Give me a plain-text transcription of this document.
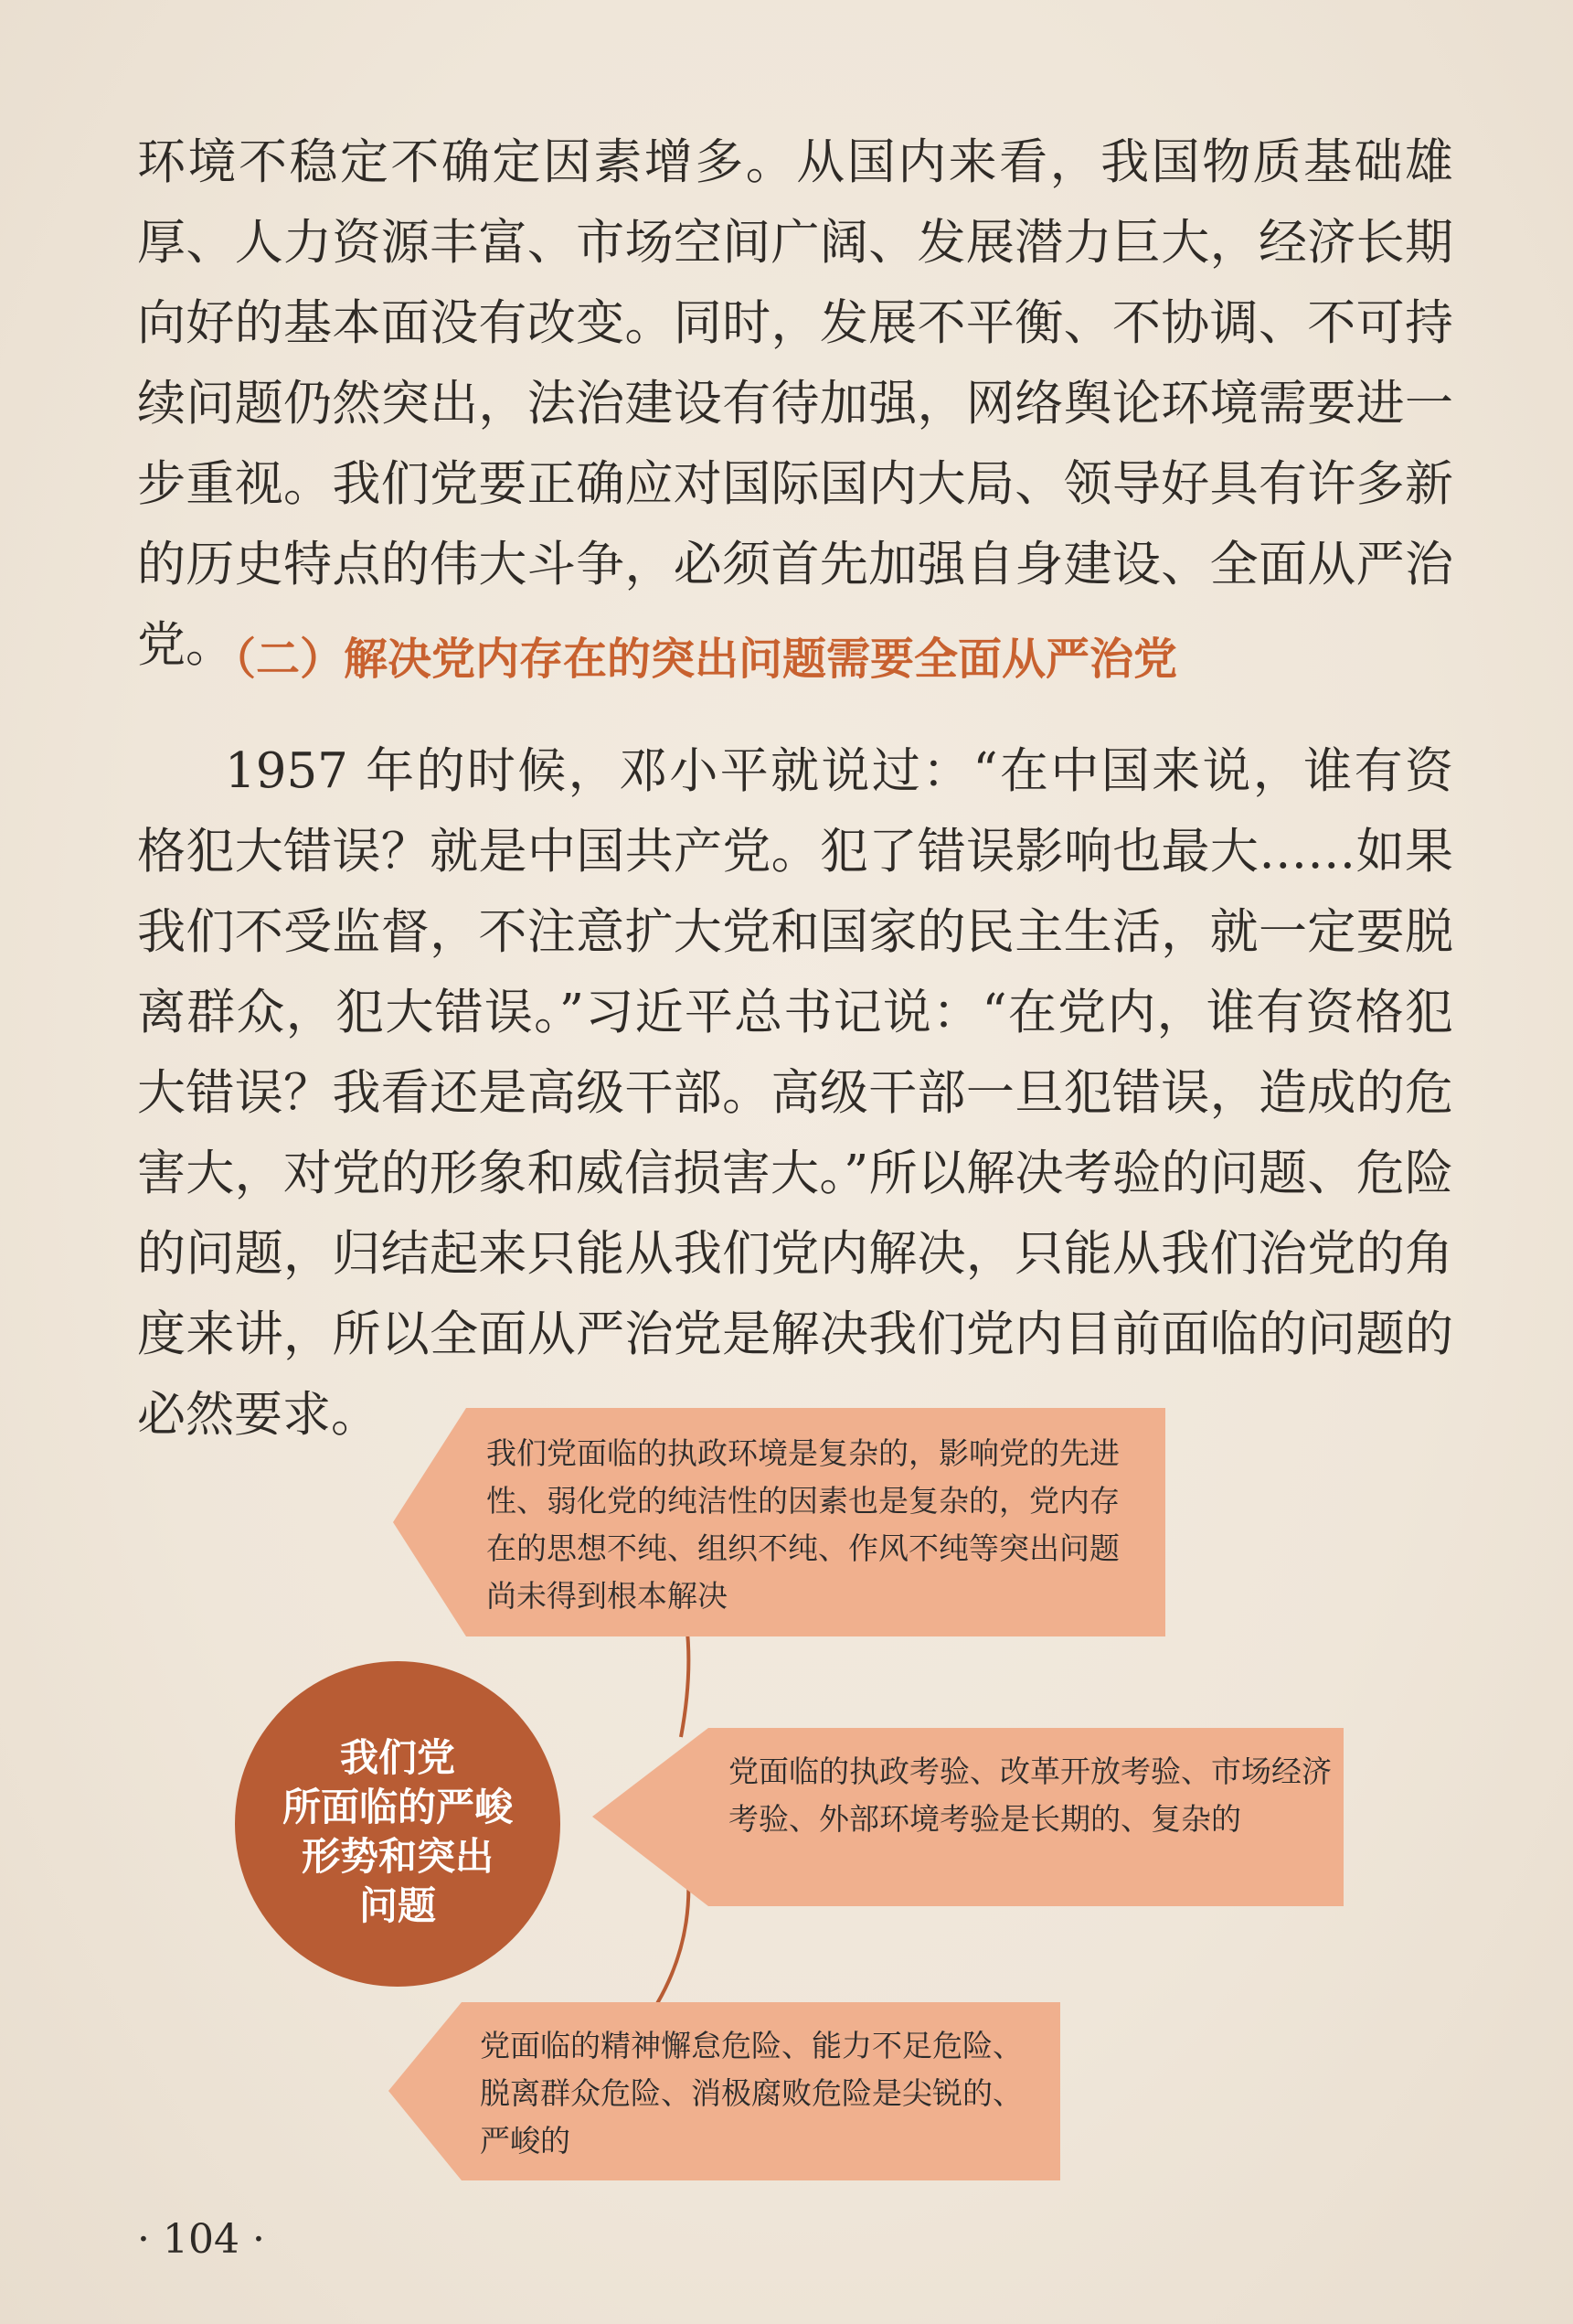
环境不稳定不确定因素增多。从国内来看，我国物质基础雄厚、人力资源丰富、市场空间广阔、发展潜力巨大，经济长期向好的基本面没有改变。同时，发展不平衡、不协调、不可持续问题仍然突出，法治建设有待加强，网络舆论环境需要进一步重视。我们党要正确应对国际国内大局、领导好具有许多新的历史特点的伟大斗争，必须首先加强自身建设、全面从严治党。

（二）解决党内存在的突出问题需要全面从严治党

1957 年的时候，邓小平就说过：“在中国来说，谁有资格犯大错误？就是中国共产党。犯了错误影响也最大……如果我们不受监督，不注意扩大党和国家的民主生活，就一定要脱离群众，犯大错误。”习近平总书记说：“在党内，谁有资格犯大错误？我看还是高级干部。高级干部一旦犯错误，造成的危害大，对党的形象和威信损害大。”所以解决考验的问题、危险的问题，归结起来只能从我们党内解决，只能从我们治党的角度来讲，所以全面从严治党是解决我们党内目前面临的问题的必然要求。

我们党面临的执政环境是复杂的，影响党的先进性、弱化党的纯洁性的因素也是复杂的，党内存在的思想不纯、组织不纯、作风不纯等突出问题尚未得到根本解决

党面临的执政考验、改革开放考验、市场经济考验、外部环境考验是长期的、复杂的

党面临的精神懈怠危险、能力不足危险、脱离群众危险、消极腐败危险是尖锐的、严峻的

我们党
所面临的严峻
形势和突出
问题
· 104 ·
